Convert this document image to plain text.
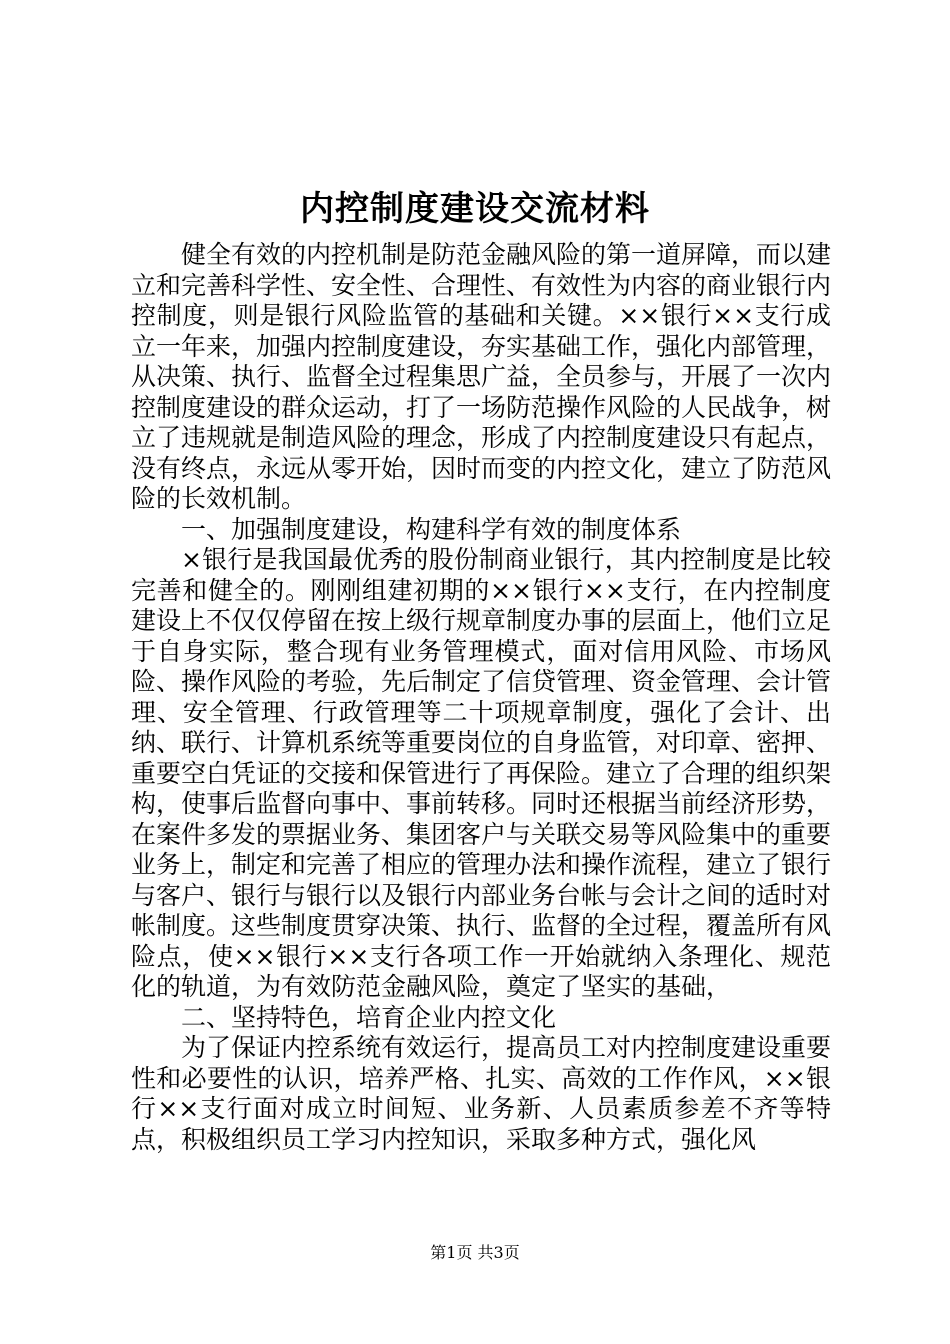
内控制度建设交流材料

健全有效的内控机制是防范金融风险的第一道屏障，而以建立和完善科学性、安全性、合理性、有效性为内容的商业银行内控制度，则是银行风险监管的基础和关键。××银行××支行成立一年来，加强内控制度建设，夯实基础工作，强化内部管理，从决策、执行、监督全过程集思广益，全员参与，开展了一次内控制度建设的群众运动，打了一场防范操作风险的人民战争，树立了违规就是制造风险的理念，形成了内控制度建设只有起点，没有终点，永远从零开始，因时而变的内控文化，建立了防范风险的长效机制。

一、加强制度建设，构建科学有效的制度体系

×银行是我国最优秀的股份制商业银行，其内控制度是比较完善和健全的。刚刚组建初期的××银行××支行，在内控制度建设上不仅仅停留在按上级行规章制度办事的层面上，他们立足于自身实际，整合现有业务管理模式，面对信用风险、市场风险、操作风险的考验，先后制定了信贷管理、资金管理、会计管理、安全管理、行政管理等二十项规章制度，强化了会计、出纳、联行、计算机系统等重要岗位的自身监管，对印章、密押、重要空白凭证的交接和保管进行了再保险。建立了合理的组织架构，使事后监督向事中、事前转移。同时还根据当前经济形势，在案件多发的票据业务、集团客户与关联交易等风险集中的重要业务上，制定和完善了相应的管理办法和操作流程，建立了银行与客户、银行与银行以及银行内部业务台帐与会计之间的适时对帐制度。这些制度贯穿决策、执行、监督的全过程，覆盖所有风险点，使××银行××支行各项工作一开始就纳入条理化、规范化的轨道，为有效防范金融风险，奠定了坚实的基础，

二、坚持特色，培育企业内控文化

为了保证内控系统有效运行，提高员工对内控制度建设重要性和必要性的认识，培养严格、扎实、高效的工作作风，××银行××支行面对成立时间短、业务新、人员素质参差不齐等特点，积极组织员工学习内控知识，采取多种方式，强化风

第1页 共3页
